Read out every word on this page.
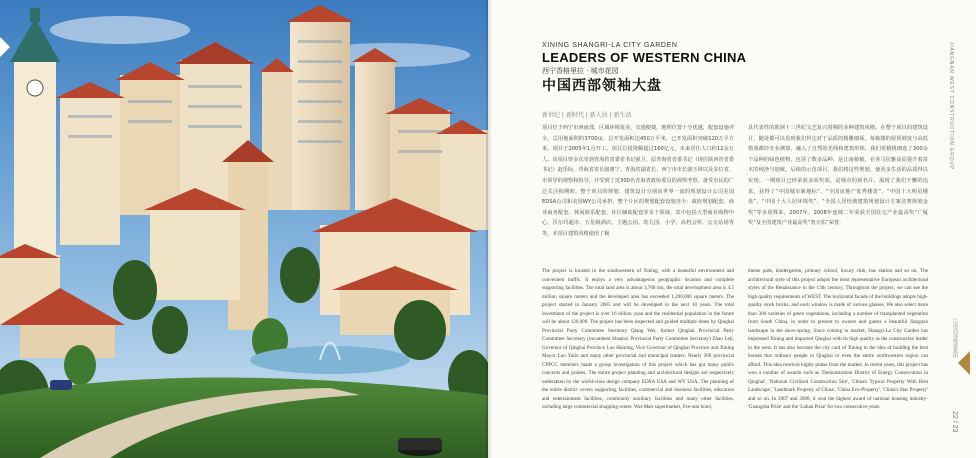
XINING SHANGRI-LA CITY GARDEN
LEADERS OF WESTERN CHINA
西宁香格里拉 · 城市花园
中国西部领袖大盘
新世纪 | 新时代 | 新人居 | 新生活

项目位于西宁市西南部，区域环境优美，交通便捷，地理位置十分优越，配套设施齐全。总用地面积约3700亩，总开发面积达450万平米，已开发面积突破120万平方米，项目于2005年1月开工，项目总投资额超过160亿元，未来居住人口约12余万人。该项目曾多次受到青海省省委省书记强卫、原青海省省委书记（现任陕西省省委书记）赵乐际、青海省省长骆惠宁、青海省副省长、西宁市市长骆玉林以及多位省、市领导的视察和指导，并受到了近300名青海省政协委员的视察考察。备受市民的广泛关注和期盼。整个项目的规划、建筑设计分别由世界一流的规划设计公司美国EDSA公司和美国WY公司承担，整个片区的规划配套设施齐全：政府规划配套、商业商务配套、休闲娱乐配套、社区辅助配套等多个领域，其中包括大型商业购物中心、沃尔玛超市、五星级酒店、主题公园、幼儿园、小学、高档会所、公交站场等等，本项目建筑风格使用了极

具代表性的欧洲十三世纪文艺复兴时期的多种建筑风格。在整个项目的建筑设计，随处都可以看到我们传达对于品质的精雕细琢，每栋楼的屋顶坡度与高低错落都经专业测算，融入了自然的光线和建筑形体，我们更精挑细选了300余个品种的绿色植物，包括了数多品种，是江南植被，在喜马拉雅高原提升着苗木的纯净与别致。后续的示范项目，我们将这些规划，使更多生活的品质得以实现。一期项目已经荣获多项奖项，是城市的新名片，展现了我们不懈的追求，获得了“中国城市新地标”、“全国房地产优秀楼盘”、“中国十大明星楼盘”、“中国十大人居环境奖”、“全国人居经典建筑规划设计方案竞赛规划金奖”等多项殊荣，2007年，2008年连续二年荣获全国住宅产业最高奖“广厦奖”及全国建筑产业最高奖“詹天佑”荣誉。

The project is located in the southwestern of Xining, with a beautiful environment and convenient traffic. It enjoys a very advantageous geographic location and complete supporting facilities. The total land area is about 3,700 mu, the total development area is 4.5 million square meters and the developed area has exceeded 1,200,000 square meters. The project started in January 2005 and will be developed in the next 10 years. The total investment of the project is over 16 billion yuan and the residential population in the future will be about 120,000. The project has been inspected and guided multiple times by Qinghai Provincial Party Committee Secretary Qiang Wei, former Qinghai Provincial Party Committee Secretary (incumbent Shaanxi Provincial Party Committee Secretary) Zhao Leji, Governor of Qinghai Province Luo Huining, Vice Governor of Qinghai Province and Xining Mayor Luo Yulin and many other provincial and municipal leaders. Nearly 300 provincial CPPCC members made a group investigation of this project which has got many public concerns and praises. The entire project planning and architectural designs are respectively undertaken by the world-class design company EDSA USA and WY USA. The planning of the entire district covers supporting facilities, commercial and business facilities, education and entertainment facilities, community auxiliary facilities and many other facilities, including large commercial shopping center, Wal-Mart supermarket, five-star hotel,

theme park, kindergarten, primary school, luxury club, bus station and so on. The architectural style of this project adopts the most representative European architectural styles of the Renaissance in the 13th century. Throughout the project, we can see the high quality requirements of WEST. The horizontal facade of the buildings adopts high-quality stock bricks, and each window is made of various glasses. We also select more than 300 varieties of green vegetations, including a number of transplanted vegetation from South China, in order to present to owners and guests a beautiful Jiangnan landscape in the snow-spring. Since coming to market, Shangri-La City Garden has impressed Xining and impacted Qinghai with its high quality as the construction leader in the west. It has also become the city card of Xining in the idea of building the best houses that ordinary people in Qinghai or even the entire northwestern region can afford. This idea receives highly praise from the market. In recent years, this project has won a number of awards such as 'Demonstration District of Energy Conservation in Qinghai', 'National Civilized Construction Site', 'China's Typical Property With Best Landscape', 'Landmark Property of China', 'China Eco-Property', 'China's Star Property' and so on. In 2007 and 2008, it won the highest award of national housing industry-'Guangsha Prize' and the 'Luban Prize' for two consecutive years.

JIANGNAN WEST CONSTRUCTION GROUP
江南西部城建集团
22 / 23
